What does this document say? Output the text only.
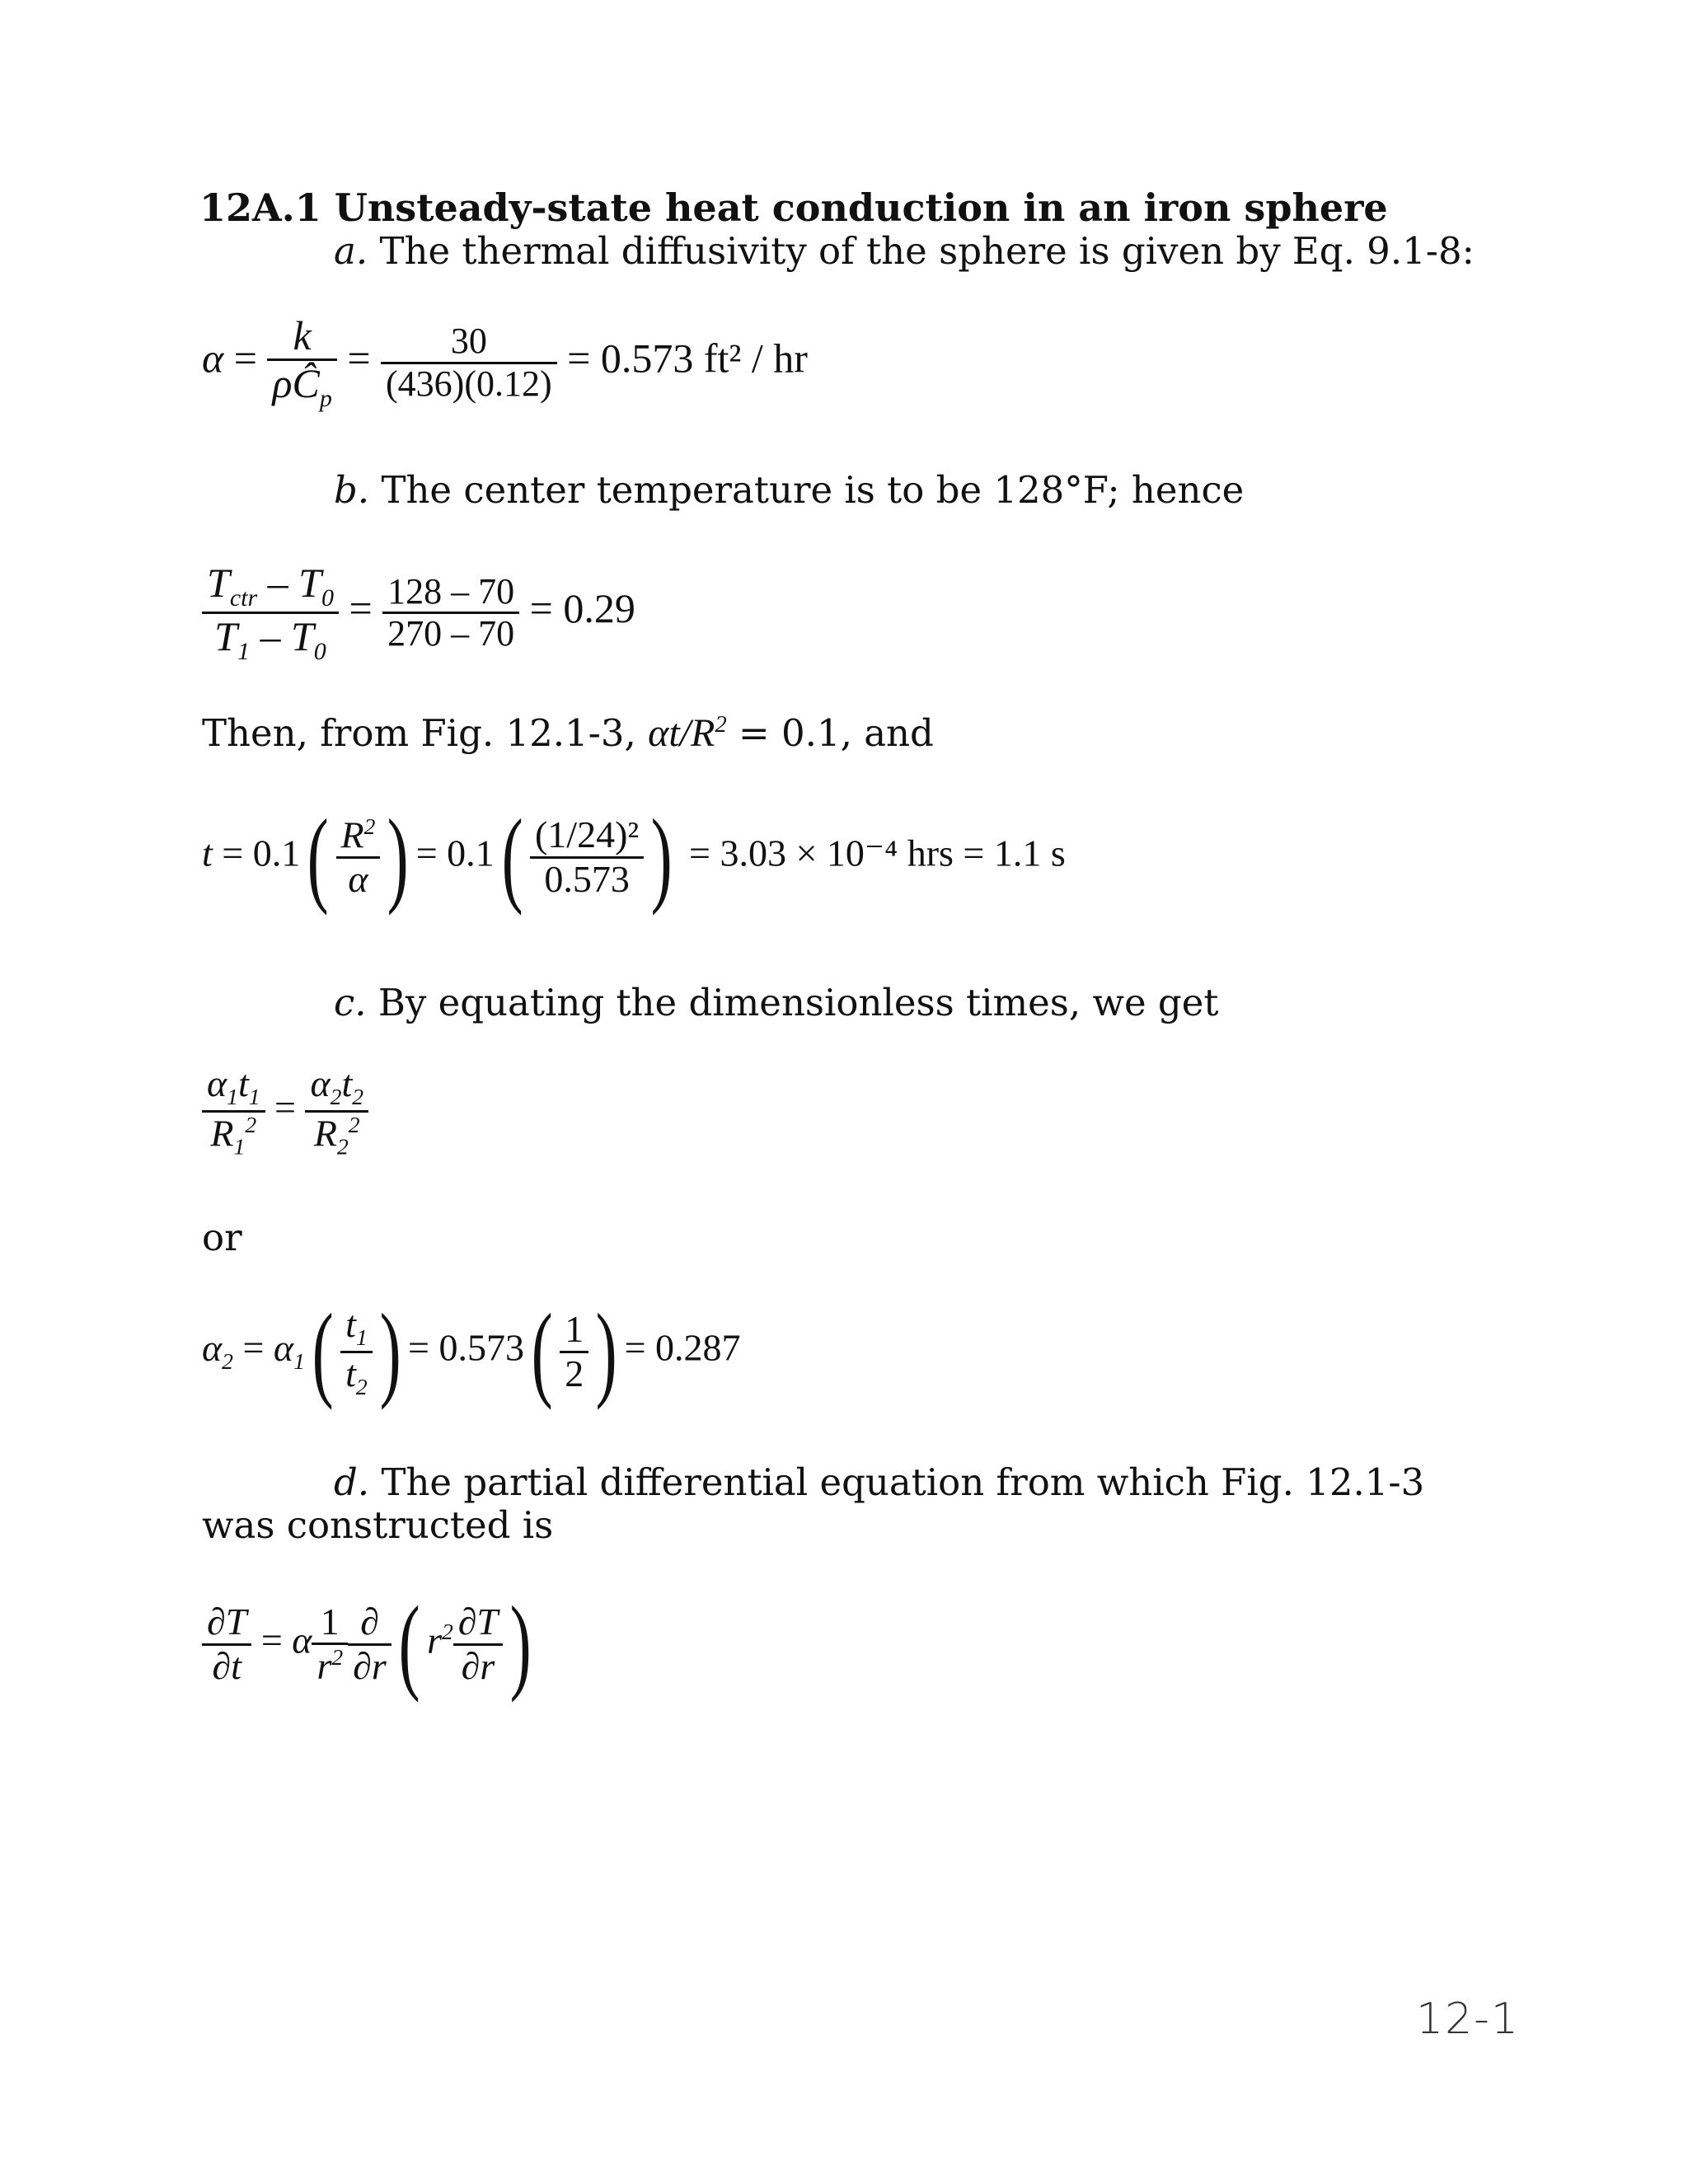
12A.1 Unsteady-state heat conduction in an iron sphere
a. The thermal diffusivity of the sphere is given by Eq. 9.1-8:
$\alpha = \frac{k}{\rho Ĉ_p} = \frac{30}{(436)(0.12)} = 0.573$ ft² / hr
b. The center temperature is to be 128°F; hence
$\frac{T_{ctr} - T_0}{T_1 - T_0} = \frac{128 - 70}{270 - 70} = 0.29$
Then, from Fig. 12.1-3, $\alpha t/R^2 = 0.1$, and
$t = 0.1( \frac{R^2}{\alpha}$ ) = $0.1( \frac{\text{(1/24)²}}{0.573}$ ) = 3.03 × 10⁻⁴ hrs = 1.1 s
c. By equating the dimensionless times, we get
$\frac{\alpha_1t_1}{R_1^2} = \frac{\alpha_2t_2}{R_2^2}$
or
$\alpha_2 = \alpha_1( \frac{t_1}{t_2}$ ) = $0.573( \frac{1}{2}$ ) = 0.287
d. The partial differential equation from which Fig. 12.1-3
was constructed is
$\frac{\partial T}{\partial t} = \alpha \frac{1}{r^2} \frac{\partial}{\partial r}$ ( $r^2 \frac{\partial T}{\partial r}$ )
12-1
